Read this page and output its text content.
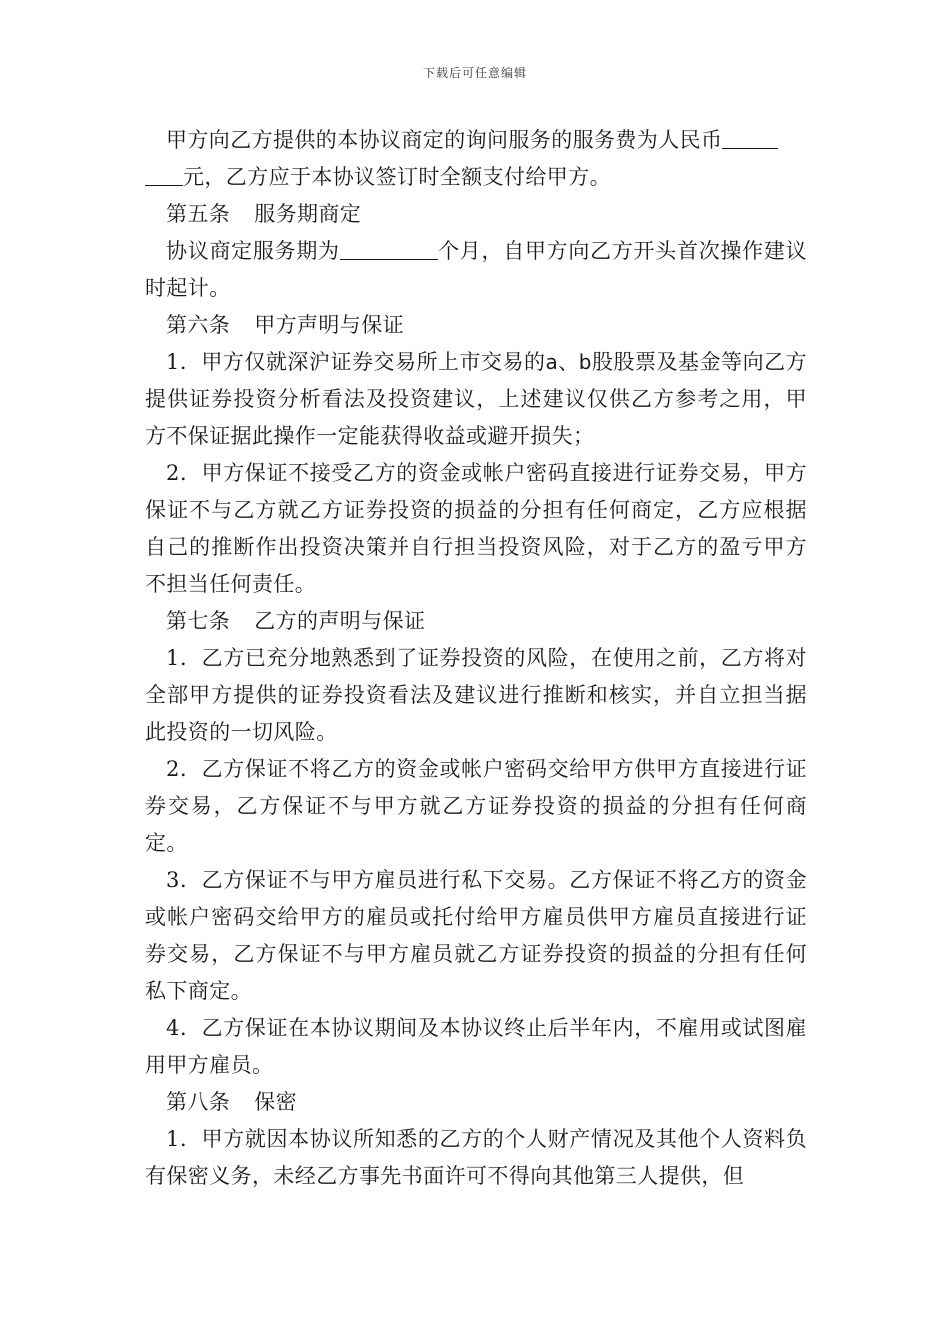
下载后可任意编辑

甲方向乙方提供的本协议商定的询问服务的服务费为人民币
元，乙方应于本协议签订时全额支付给甲方。

第五条 服务期商定

协议商定服务期为	个月，自甲方向乙方开头首次操作建议时起计。

第六条 甲方声明与保证

1．甲方仅就深沪证券交易所上市交易的a、b股股票及基金等向乙方提供证券投资分析看法及投资建议，上述建议仅供乙方参考之用，甲方不保证据此操作一定能获得收益或避开损失；

2．甲方保证不接受乙方的资金或帐户密码直接进行证券交易，甲方保证不与乙方就乙方证券投资的损益的分担有任何商定，乙方应根据自己的推断作出投资决策并自行担当投资风险，对于乙方的盈亏甲方不担当任何责任。

第七条 乙方的声明与保证

1．乙方已充分地熟悉到了证券投资的风险，在使用之前，乙方将对全部甲方提供的证券投资看法及建议进行推断和核实，并自立担当据此投资的一切风险。

2．乙方保证不将乙方的资金或帐户密码交给甲方供甲方直接进行证券交易，乙方保证不与甲方就乙方证券投资的损益的分担有任何商定。

3．乙方保证不与甲方雇员进行私下交易。乙方保证不将乙方的资金或帐户密码交给甲方的雇员或托付给甲方雇员供甲方雇员直接进行证券交易，乙方保证不与甲方雇员就乙方证券投资的损益的分担有任何私下商定。

4．乙方保证在本协议期间及本协议终止后半年内，不雇用或试图雇用甲方雇员。

第八条 保密

1．甲方就因本协议所知悉的乙方的个人财产情况及其他个人资料负有保密义务，未经乙方事先书面许可不得向其他第三人提供，但
